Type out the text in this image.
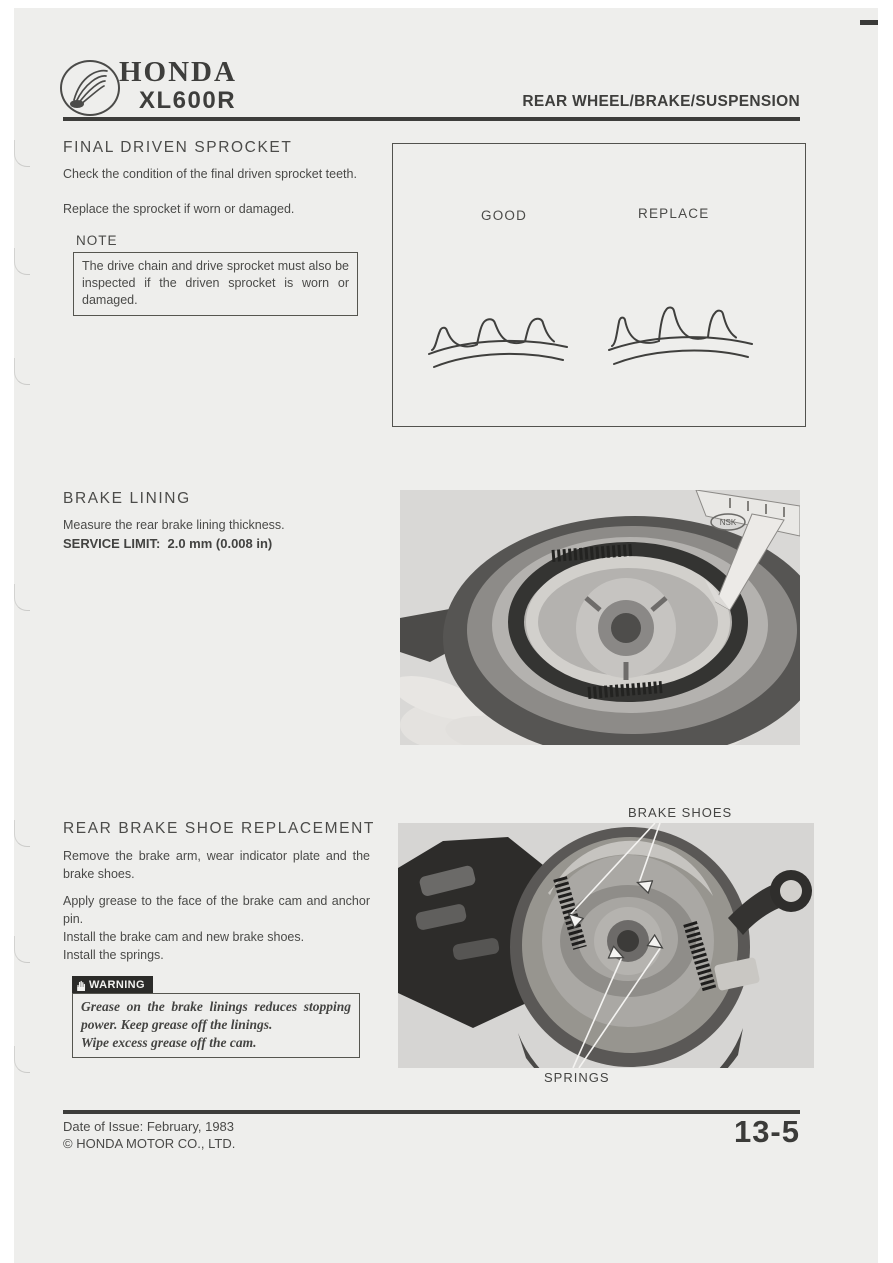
HONDA
XL600R	REAR WHEEL/BRAKE/SUSPENSION
FINAL DRIVEN SPROCKET
Check the condition of the final driven sprocket teeth.
Replace the sprocket if worn or damaged.
NOTE
The drive chain and drive sprocket must also be inspected if the driven sprocket is worn or damaged.
GOOD	REPLACE
BRAKE LINING
Measure the rear brake lining thickness.
SERVICE LIMIT:  2.0 mm (0.008 in)
NSK
REAR BRAKE SHOE REPLACEMENT
Remove the brake arm, wear indicator plate and the brake shoes.
Apply grease to the face of the brake cam and anchor pin.
Install the brake cam and new brake shoes.
Install the springs.
WARNING
Grease on the brake linings reduces stopping power. Keep grease off the linings.
Wipe excess grease off the cam.
BRAKE SHOES
SPRINGS
Date of Issue: February, 1983
© HONDA MOTOR CO., LTD.	13-5
